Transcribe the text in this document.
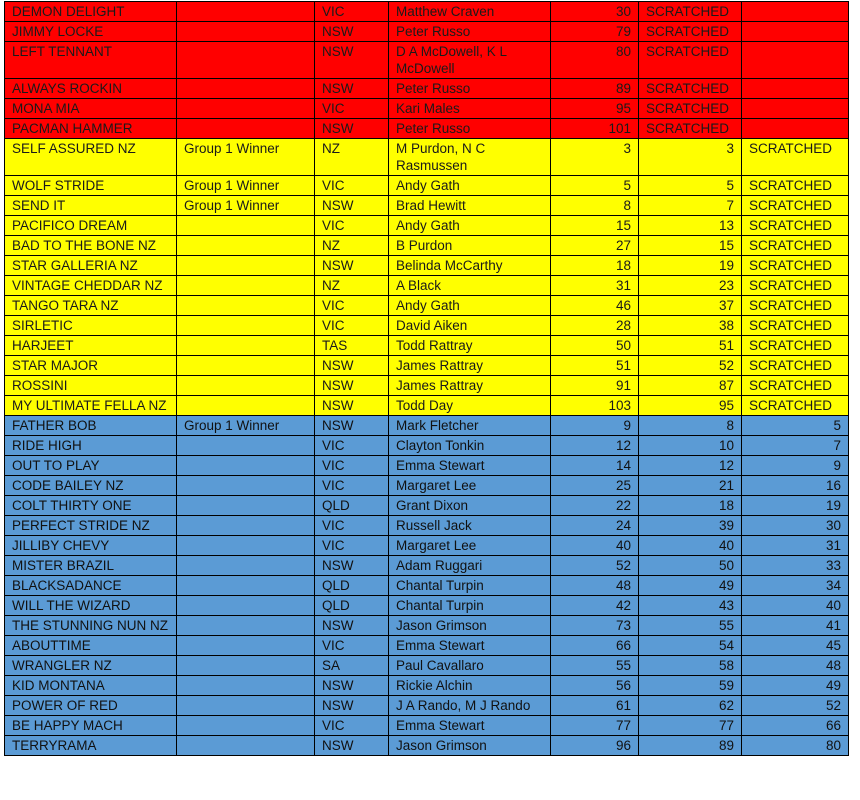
DEMON DELIGHT		VIC	Matthew Craven	30	SCRATCHED	
JIMMY LOCKE		NSW	Peter Russo	79	SCRATCHED	
LEFT TENNANT		NSW	D A McDowell, K L McDowell	80	SCRATCHED	
ALWAYS ROCKIN		NSW	Peter Russo	89	SCRATCHED	
MONA MIA		VIC	Kari Males	95	SCRATCHED	
PACMAN HAMMER		NSW	Peter Russo	101	SCRATCHED	
SELF ASSURED NZ	Group 1 Winner	NZ	M Purdon, N C Rasmussen	3	3	SCRATCHED
WOLF STRIDE	Group 1 Winner	VIC	Andy Gath	5	5	SCRATCHED
SEND IT	Group 1 Winner	NSW	Brad Hewitt	8	7	SCRATCHED
PACIFICO DREAM		VIC	Andy Gath	15	13	SCRATCHED
BAD TO THE BONE NZ		NZ	B Purdon	27	15	SCRATCHED
STAR GALLERIA NZ		NSW	Belinda McCarthy	18	19	SCRATCHED
VINTAGE CHEDDAR NZ		NZ	A Black	31	23	SCRATCHED
TANGO TARA NZ		VIC	Andy Gath	46	37	SCRATCHED
SIRLETIC		VIC	David Aiken	28	38	SCRATCHED
HARJEET		TAS	Todd Rattray	50	51	SCRATCHED
STAR MAJOR		NSW	James Rattray	51	52	SCRATCHED
ROSSINI		NSW	James Rattray	91	87	SCRATCHED
MY ULTIMATE FELLA NZ		NSW	Todd Day	103	95	SCRATCHED
FATHER BOB	Group 1 Winner	NSW	Mark Fletcher	9	8	5
RIDE HIGH		VIC	Clayton Tonkin	12	10	7
OUT TO PLAY		VIC	Emma Stewart	14	12	9
CODE BAILEY NZ		VIC	Margaret Lee	25	21	16
COLT THIRTY ONE		QLD	Grant Dixon	22	18	19
PERFECT STRIDE NZ		VIC	Russell Jack	24	39	30
JILLIBY CHEVY		VIC	Margaret Lee	40	40	31
MISTER BRAZIL		NSW	Adam Ruggari	52	50	33
BLACKSADANCE		QLD	Chantal Turpin	48	49	34
WILL THE WIZARD		QLD	Chantal Turpin	42	43	40
THE STUNNING NUN NZ		NSW	Jason Grimson	73	55	41
ABOUTTIME		VIC	Emma Stewart	66	54	45
WRANGLER NZ		SA	Paul Cavallaro	55	58	48
KID MONTANA		NSW	Rickie Alchin	56	59	49
POWER OF RED		NSW	J A Rando, M J Rando	61	62	52
BE HAPPY MACH		VIC	Emma Stewart	77	77	66
TERRYRAMA		NSW	Jason Grimson	96	89	80
